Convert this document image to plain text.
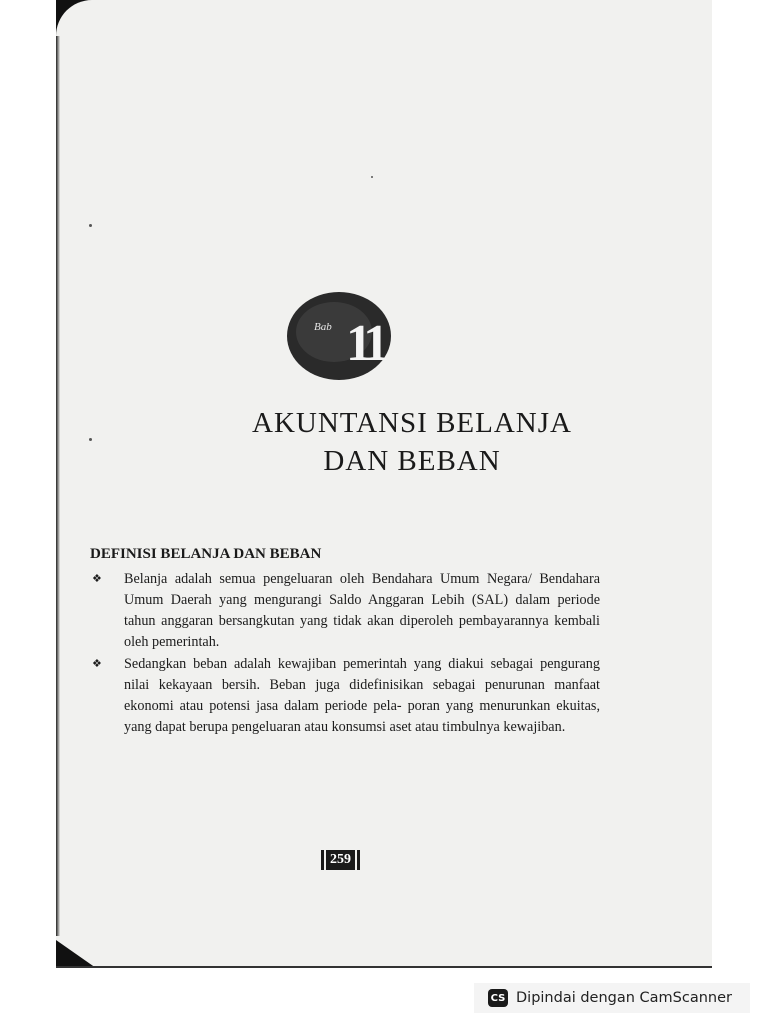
Bab 11
AKUNTANSI BELANJA
DAN BEBAN
DEFINISI BELANJA DAN BEBAN
❖ Belanja adalah semua pengeluaran oleh Bendahara Umum Negara/ Bendahara Umum Daerah yang mengurangi Saldo Anggaran Lebih (SAL) dalam periode tahun anggaran bersangkutan yang tidak akan diperoleh pembayarannya kembali oleh pemerintah.
❖ Sedangkan beban adalah kewajiban pemerintah yang diakui sebagai pengurang nilai kekayaan bersih. Beban juga didefinisikan sebagai penurunan manfaat ekonomi atau potensi jasa dalam periode pela- poran yang menurunkan ekuitas, yang dapat berupa pengeluaran atau konsumsi aset atau timbulnya kewajiban.
259
CS Dipindai dengan CamScanner
